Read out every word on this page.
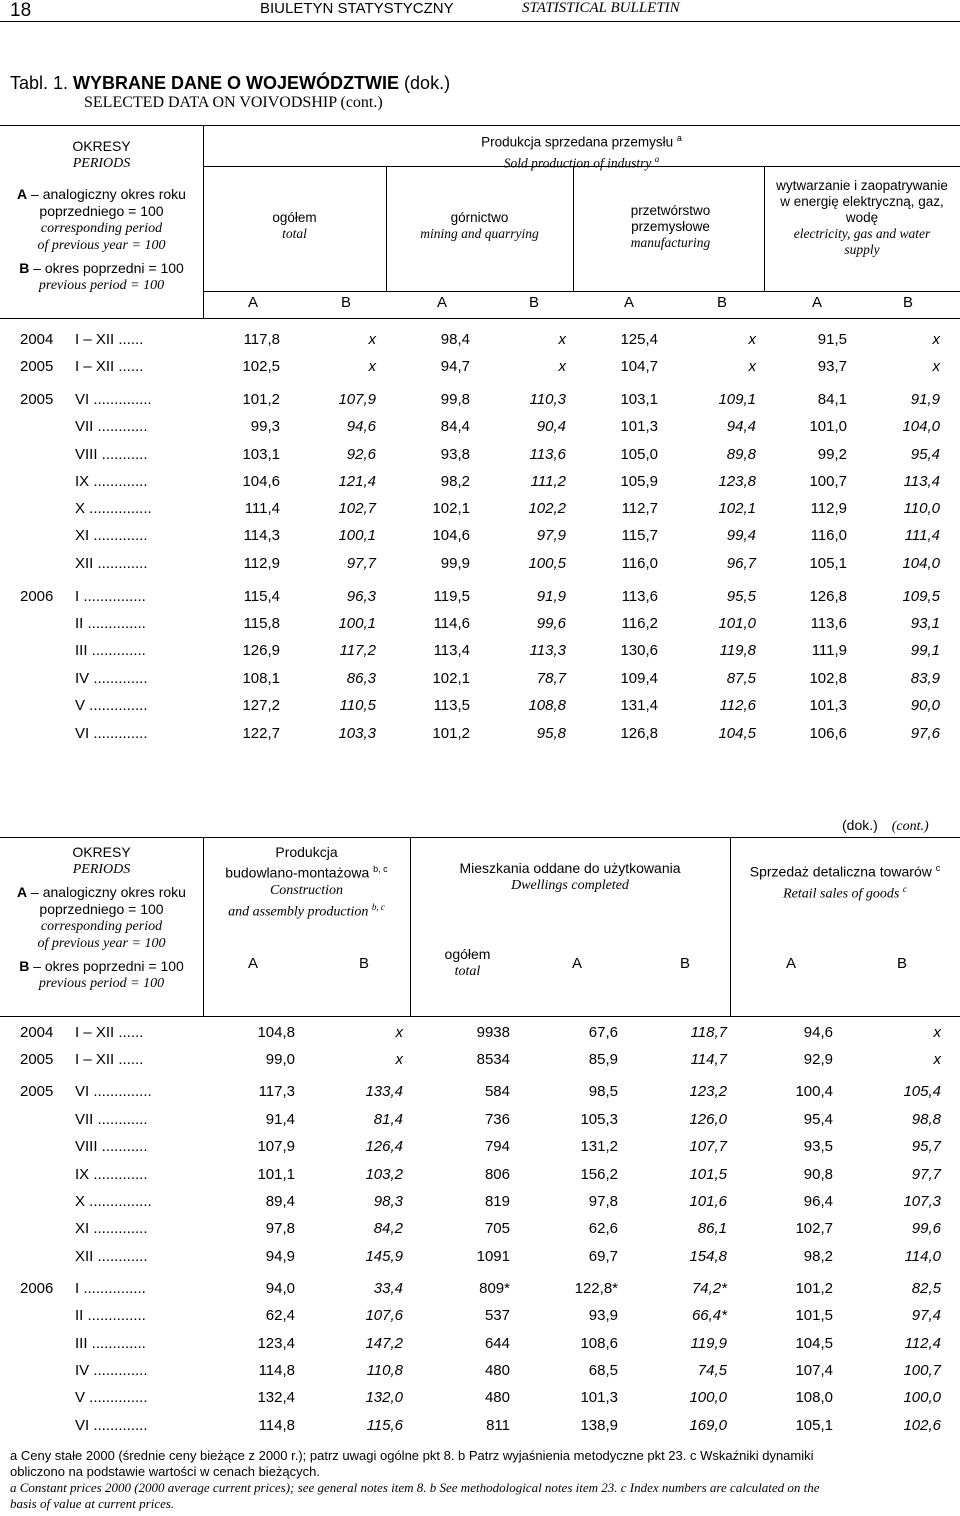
18	BIULETYN STATYSTYCZNY	STATISTICAL BULLETIN
Tabl. 1. WYBRANE DANE O WOJEWÓDZTWIE (dok.)
SELECTED DATA ON VOIVODSHIP (cont.)
OKRESY
PERIODS
A – analogiczny okres roku
poprzedniego = 100
corresponding period
of previous year = 100
B – okres poprzedni = 100
previous period = 100
Produkcja sprzedana przemysłu $^a$
Sold production of industry $^a$
ogółem
total
górnictwo
mining and quarrying
przetwórstwo przemysłowe
manufacturing
wytwarzanie i zaopatrywanie w energię elektryczną, gaz, wodę
electricity, gas and water supply
A	B	A	B	A	B	A	B
2004 I – XII ......	117,8	x	98,4	x	125,4	x	91,5	x
2005 I – XII ......	102,5	x	94,7	x	104,7	x	93,7	x
2005 VI ..............	101,2	107,9	99,8	110,3	103,1	109,1	84,1	91,9
VII ............	99,3	94,6	84,4	90,4	101,3	94,4	101,0	104,0
VIII ...........	103,1	92,6	93,8	113,6	105,0	89,8	99,2	95,4
IX .............	104,6	121,4	98,2	111,2	105,9	123,8	100,7	113,4
X ...............	111,4	102,7	102,1	102,2	112,7	102,1	112,9	110,0
XI .............	114,3	100,1	104,6	97,9	115,7	99,4	116,0	111,4
XII ............	112,9	97,7	99,9	100,5	116,0	96,7	105,1	104,0
2006 I ...............	115,4	96,3	119,5	91,9	113,6	95,5	126,8	109,5
II ..............	115,8	100,1	114,6	99,6	116,2	101,0	113,6	93,1
III .............	126,9	117,2	113,4	113,3	130,6	119,8	111,9	99,1
IV .............	108,1	86,3	102,1	78,7	109,4	87,5	102,8	83,9
V ..............	127,2	110,5	113,5	108,8	131,4	112,6	101,3	90,0
VI .............	122,7	103,3	101,2	95,8	126,8	104,5	106,6	97,6
(dok.) (cont.)
OKRESY
PERIODS
A – analogiczny okres roku
poprzedniego = 100
corresponding period
of previous year = 100
B – okres poprzedni = 100
previous period = 100
Produkcja
budowlano-montażowa $^{b, c}$
Construction
and assembly production $^{b, c}$
Mieszkania oddane do użytkowania
Dwellings completed
ogółem
total
Sprzedaż detaliczna towarów $^c$
Retail sales of goods $^c$
A	B	A	B	A	B
2004 I – XII ......	104,8	x	9938	67,6	118,7	94,6	x
2005 I – XII ......	99,0	x	8534	85,9	114,7	92,9	x
2005 VI ..............	117,3	133,4	584	98,5	123,2	100,4	105,4
VII ............	91,4	81,4	736	105,3	126,0	95,4	98,8
VIII ...........	107,9	126,4	794	131,2	107,7	93,5	95,7
IX .............	101,1	103,2	806	156,2	101,5	90,8	97,7
X ...............	89,4	98,3	819	97,8	101,6	96,4	107,3
XI .............	97,8	84,2	705	62,6	86,1	102,7	99,6
XII ............	94,9	145,9	1091	69,7	154,8	98,2	114,0
2006 I ...............	94,0	33,4	809*	122,8*	74,2*	101,2	82,5
II ..............	62,4	107,6	537	93,9	66,4*	101,5	97,4
III .............	123,4	147,2	644	108,6	119,9	104,5	112,4
IV .............	114,8	110,8	480	68,5	74,5	107,4	100,7
V ..............	132,4	132,0	480	101,3	100,0	108,0	100,0
VI .............	114,8	115,6	811	138,9	169,0	105,1	102,6
a Ceny stałe 2000 (średnie ceny bieżące z 2000 r.); patrz uwagi ogólne pkt 8. b Patrz wyjaśnienia metodyczne pkt 23. c Wskaźniki dynamiki
obliczono na podstawie wartości w cenach bieżących.
a Constant prices 2000 (2000 average current prices); see general notes item 8. b See methodological notes item 23. c Index numbers are calculated on the
basis of value at current prices.
